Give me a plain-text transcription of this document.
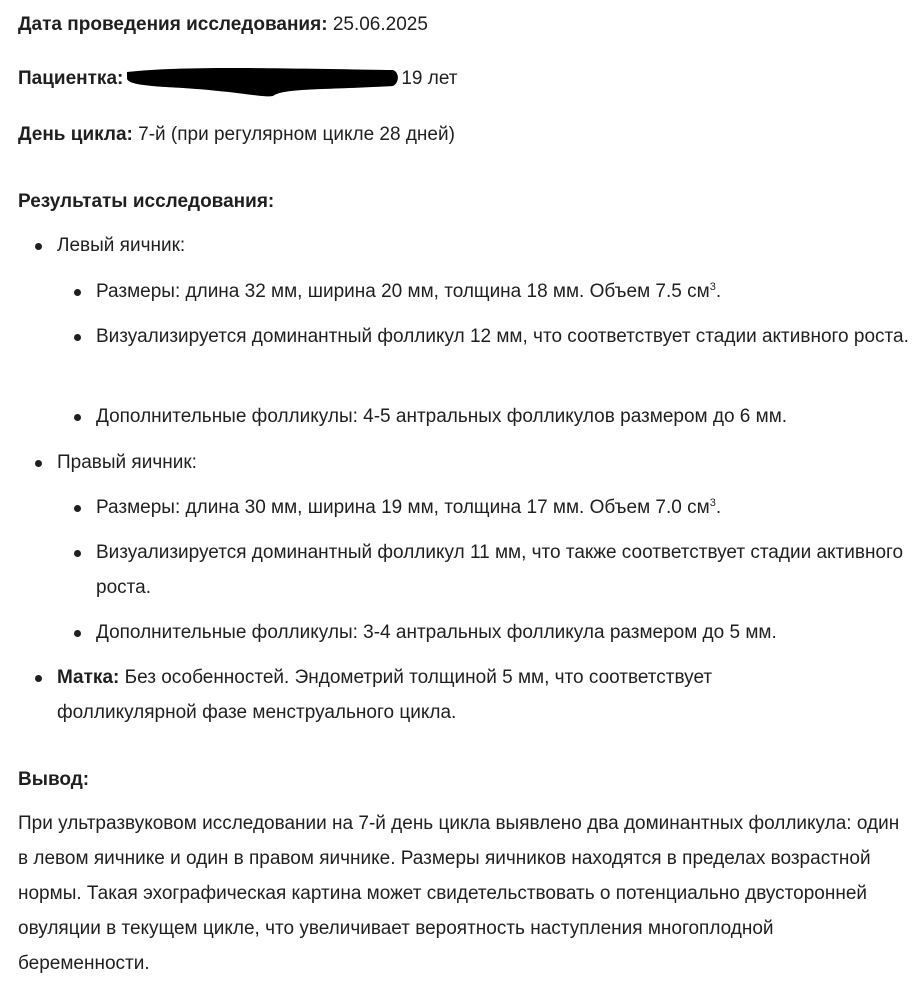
Дата проведения исследования: 25.06.2025

Пациентка:	19 лет

День цикла: 7-й (при регулярном цикле 28 дней)

Результаты исследования:

Левый яичник:
Размеры: длина 32 мм, ширина 20 мм, толщина 18 мм. Объем 7.5 $см^3$.
Визуализируется доминантный фолликул 12 мм, что соответствует стадии активного роста.
Дополнительные фолликулы: 4-5 антральных фолликулов размером до 6 мм.
Правый яичник:
Размеры: длина 30 мм, ширина 19 мм, толщина 17 мм. Объем 7.0 $см^3$.
Визуализируется доминантный фолликул 11 мм, что также соответствует стадии активного роста.
Дополнительные фолликулы: 3-4 антральных фолликула размером до 5 мм.
Матка: Без особенностей. Эндометрий толщиной 5 мм, что соответствует фолликулярной фазе менструального цикла.

Вывод:

При ультразвуковом исследовании на 7-й день цикла выявлено два доминантных фолликула: один в левом яичнике и один в правом яичнике. Размеры яичников находятся в пределах возрастной нормы. Такая эхографическая картина может свидетельствовать о потенциально двусторонней овуляции в текущем цикле, что увеличивает вероятность наступления многоплодной беременности.
